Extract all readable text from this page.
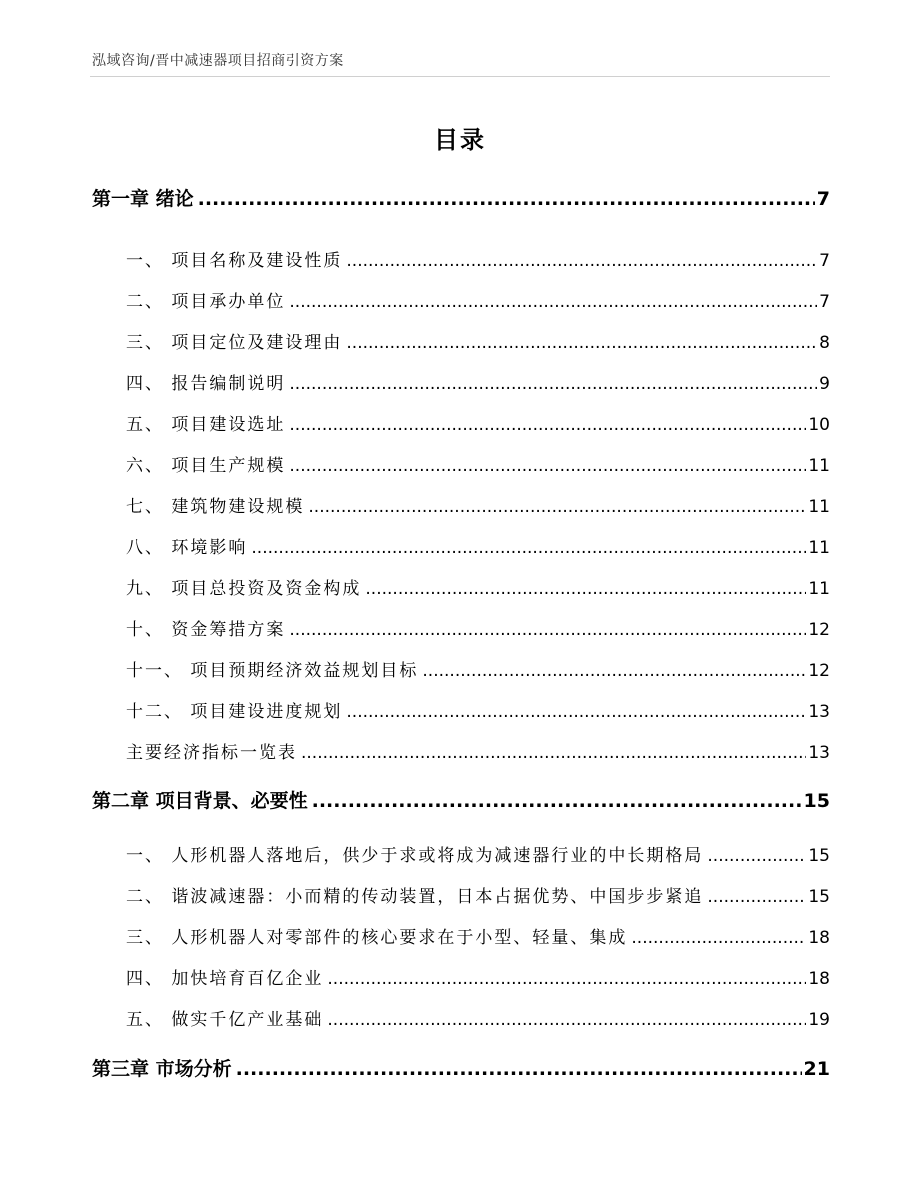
泓域咨询/晋中减速器项目招商引资方案
目录
第一章 绪论 .....	7
一、 项目名称及建设性质 .....	7
二、 项目承办单位 .....	7
三、 项目定位及建设理由 .....	8
四、 报告编制说明 .....	9
五、 项目建设选址 .....	10
六、 项目生产规模 .....	11
七、 建筑物建设规模 .....	11
八、 环境影响 .....	11
九、 项目总投资及资金构成 .....	11
十、 资金筹措方案 .....	12
十一、 项目预期经济效益规划目标 .....	12
十二、 项目建设进度规划 .....	13
主要经济指标一览表 .....	13
第二章 项目背景、必要性 .....	15
一、 人形机器人落地后，供少于求或将成为减速器行业的中长期格局 .....	15
二、 谐波减速器：小而精的传动装置，日本占据优势、中国步步紧追 .....	15
三、 人形机器人对零部件的核心要求在于小型、轻量、集成 .....	18
四、 加快培育百亿企业 .....	18
五、 做实千亿产业基础 .....	19
第三章 市场分析 .....	21
